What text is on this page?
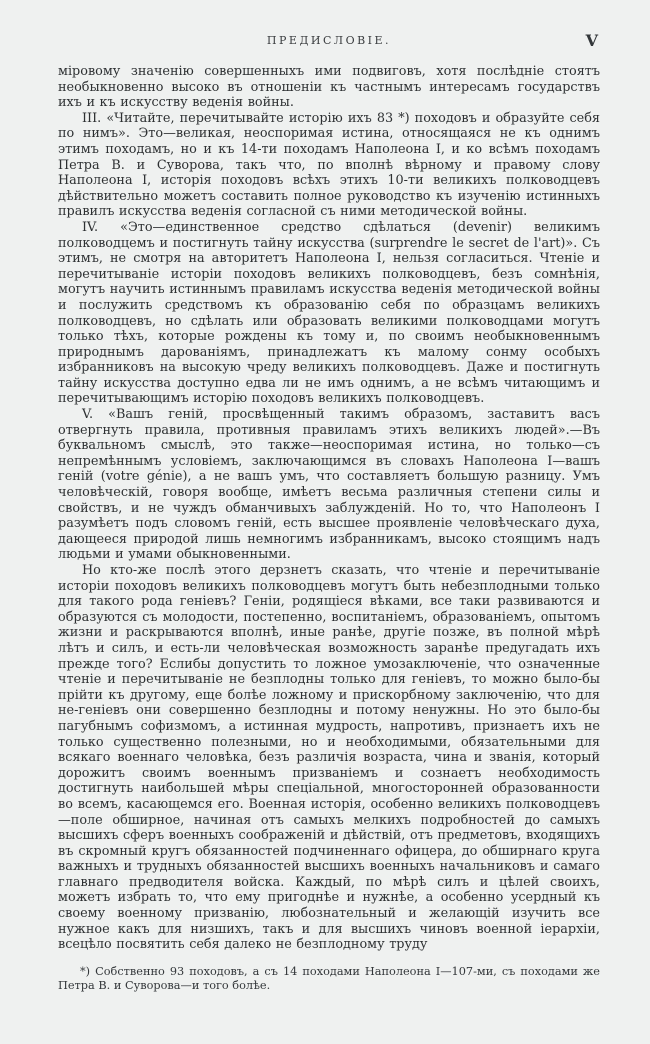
ПРЕДИСЛОВІЕ.	V

міровому значенію совершенныхъ ими подвиговъ, хотя послѣдніе стоятъ необыкновенно высоко въ отношеніи къ частнымъ интересамъ государствъ ихъ и къ искусству веденія войны.

III. «Читайте, перечитывайте исторію ихъ 83 *) походовъ и образуйте себя по нимъ». Это—великая, неоспоримая истина, относящаяся не къ однимъ этимъ походамъ, но и къ 14-ти походамъ Наполеона I, и ко всѣмъ походамъ Петра В. и Суворова, такъ что, по вполнѣ вѣрному и правому слову Наполеона I, исторія походовъ всѣхъ этихъ 10-ти великихъ полководцевъ дѣйствительно можетъ составить полное руководство къ изученію истинныхъ правилъ искусства веденія согласной съ ними методической войны.

IV. «Это—единственное средство сдѣлаться (devenir) великимъ полководцемъ и постигнуть тайну искусства (surprendre le secret de l'art)». Съ этимъ, не смотря на авторитетъ Наполеона I, нельзя согласиться. Чтеніе и перечитываніе исторіи походовъ великихъ полководцевъ, безъ сомнѣнія, могутъ научить истиннымъ правиламъ искусства веденія методической войны и послужить средствомъ къ образованію себя по образцамъ великихъ полководцевъ, но сдѣлать или образовать великими полководцами могутъ только тѣхъ, которые рождены къ тому и, по своимъ необыкновеннымъ природнымъ дарованіямъ, принадлежатъ къ малому сонму особыхъ избранниковъ на высокую чреду великихъ полководцевъ. Даже и постигнуть тайну искусства доступно едва ли не имъ однимъ, а не всѣмъ читающимъ и перечитывающимъ исторію походовъ великихъ полководцевъ.

V. «Вашъ геній, просвѣщенный такимъ образомъ, заставитъ васъ отвергнуть правила, противныя правиламъ этихъ великихъ людей».—Въ буквальномъ смыслѣ, это также—неоспоримая истина, но только—съ непремѣннымъ условіемъ, заключающимся въ словахъ Наполеона I—вашъ геній (votre génie), а не вашъ умъ, что составляетъ большую разницу. Умъ человѣческій, говоря вообще, имѣетъ весьма различныя степени силы и свойствъ, и не чуждъ обманчивыхъ заблужденій. Но то, что Наполеонъ I разумѣетъ подъ словомъ геній, есть высшее проявленіе человѣческаго духа, дающееся природой лишь немногимъ избранникамъ, высоко стоящимъ надъ людьми и умами обыкновенными.

Но кто-же послѣ этого дерзнетъ сказать, что чтеніе и перечитываніе исторіи походовъ великихъ полководцевъ могутъ быть небезплодными только для такого рода геніевъ? Геніи, родящіеся вѣками, все таки развиваются и образуются съ молодости, постепенно, воспитаніемъ, образованіемъ, опытомъ жизни и раскрываются вполнѣ, иные ранѣе, другіе позже, въ полной мѣрѣ лѣтъ и силъ, и есть-ли человѣческая возможность заранѣе предугадать ихъ прежде того? Еслибы допустить то ложное умозаключеніе, что означенные чтеніе и перечитываніе не безплодны только для геніевъ, то можно было-бы прійти къ другому, еще болѣе ложному и прискорбному заключенію, что для не-геніевъ они совершенно безплодны и потому ненужны. Но это было-бы пагубнымъ софизмомъ, а истинная мудрость, напротивъ, признаетъ ихъ не только существенно полезными, но и необходимыми, обязательными для всякаго военнаго человѣка, безъ различія возраста, чина и званія, который дорожитъ своимъ военнымъ призваніемъ и сознаетъ необходимость достигнуть наибольшей мѣры спеціальной, многосторонней образованности во всемъ, касающемся его. Военная исторія, особенно великихъ полководцевъ—поле обширное, начиная отъ самыхъ мелкихъ подробностей до самыхъ высшихъ сферъ военныхъ соображеній и дѣйствій, отъ предметовъ, входящихъ въ скромный кругъ обязанностей подчиненнаго офицера, до обширнаго круга важныхъ и трудныхъ обязанностей высшихъ военныхъ начальниковъ и самаго главнаго предводителя войска. Каждый, по мѣрѣ силъ и цѣлей своихъ, можетъ избрать то, что ему пригоднѣе и нужнѣе, а особенно усердный къ своему военному призванію, любознательный и желающій изучить все нужное какъ для низшихъ, такъ и для высшихъ чиновъ военной іерархіи, всецѣло посвятить себя далеко не безплодному труду

*) Собственно 93 походовъ, а съ 14 походами Наполеона I—107-ми, съ походами же Петра В. и Суворова—и того болѣе.
